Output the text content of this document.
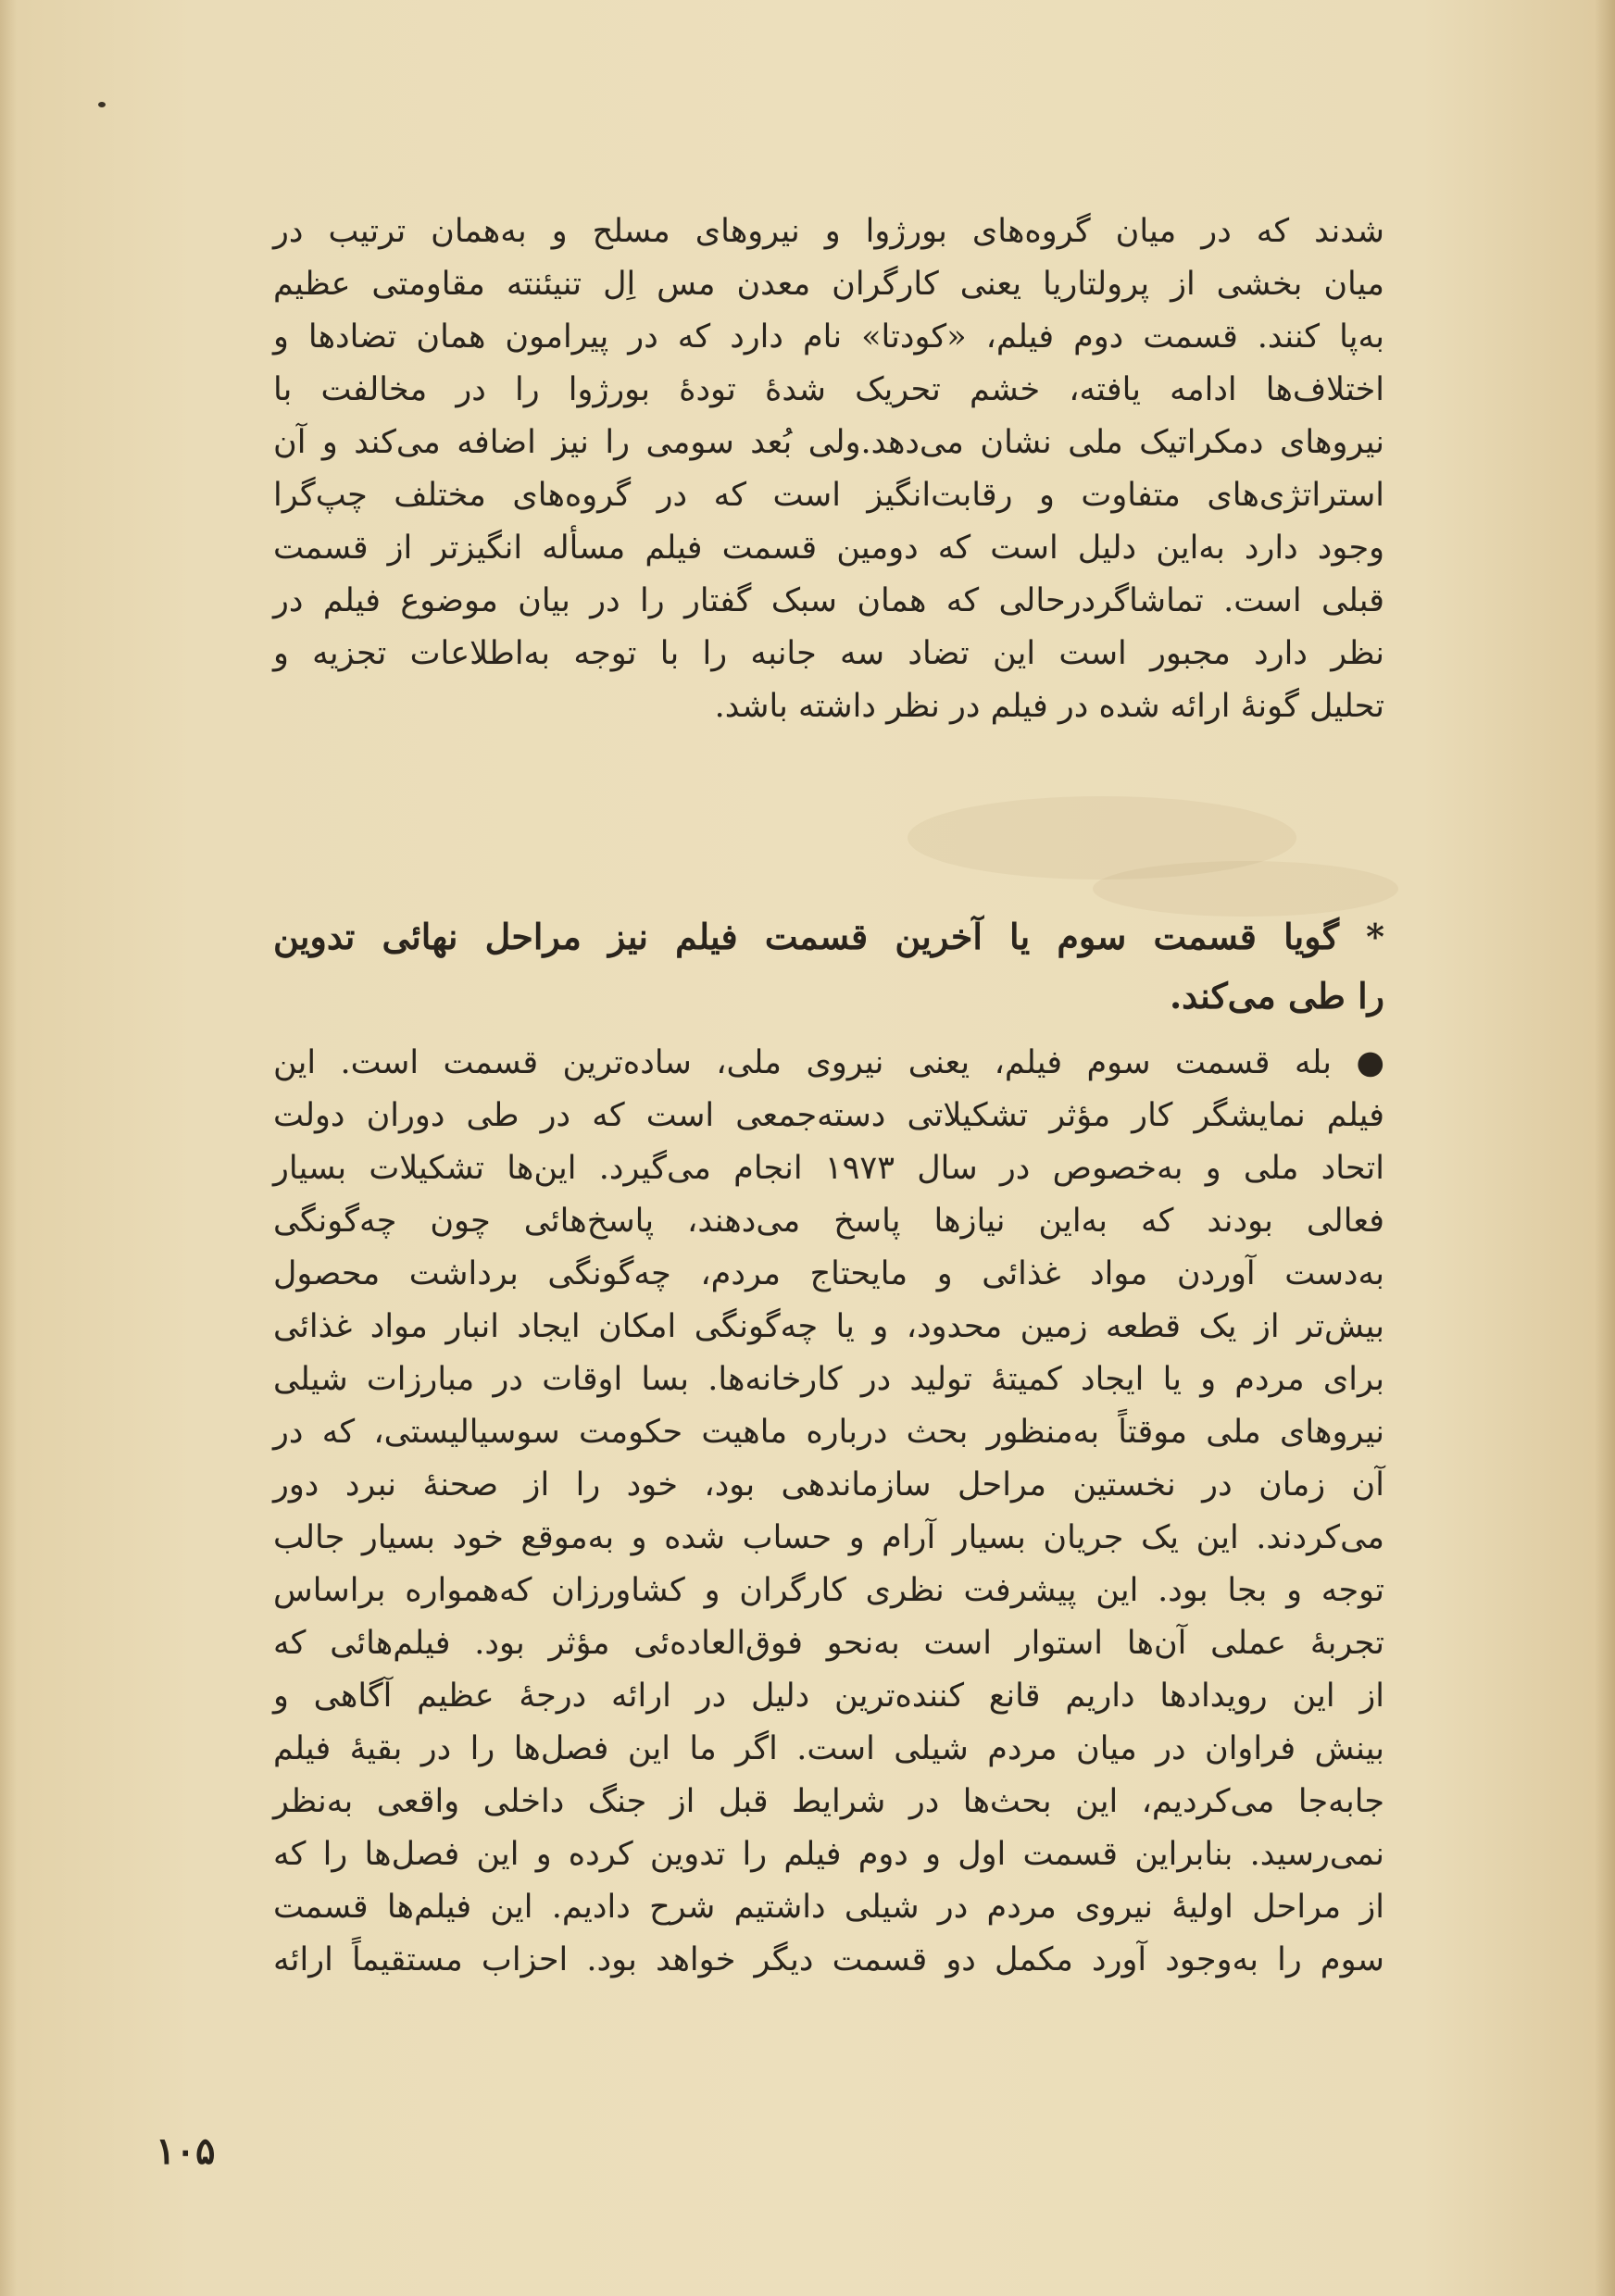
شدند که در میان گروه‌های بورژوا و نیروهای مسلح و به‌همان ترتیب در
میان بخشی از پرولتاریا یعنی کارگران معدن مس اِل تنیئنته مقاومتی عظیم
به‌پا کنند. قسمت دوم فیلم، «کودتا» نام دارد که در پیرامون همان تضادها و
اختلاف‌ها ادامه یافته، خشم تحریک شدهٔ تودهٔ بورژوا را در مخالفت با
نیروهای دمکراتیک ملی نشان می‌دهد.ولی بُعد سومی را نیز اضافه می‌کند و آن
استراتژی‌های متفاوت و رقابت‌انگیز است که در گروه‌های مختلف چپ‌گرا
وجود دارد به‌این دلیل است که دومین قسمت فیلم مسأله انگیزتر از قسمت
قبلی است. تماشاگردرحالی که همان سبک گفتار را در بیان موضوع فیلم در
نظر دارد مجبور است این تضاد سه جانبه را با توجه به‌اطلاعات تجزیه و
تحلیل گونهٔ ارائه شده در فیلم در نظر داشته باشد.
* گویا قسمت سوم یا آخرین قسمت فیلم نیز مراحل نهائی تدوین
را طی می‌کند.
● بله قسمت سوم فیلم، یعنی نیروی ملی، ساده‌ترین قسمت است. این
فیلم نمایشگر کار مؤثر تشکیلاتی دسته‌جمعی است که در طی دوران دولت
اتحاد ملی و به‌خصوص در سال ۱۹۷۳ انجام می‌گیرد. این‌ها تشکیلات بسیار
فعالی بودند که به‌این نیازها پاسخ می‌دهند، پاسخ‌هائی چون چه‌گونگی
به‌دست آوردن مواد غذائی و مایحتاج مردم، چه‌گونگی برداشت محصول
بیش‌تر از یک قطعه زمین محدود، و یا چه‌گونگی امکان ایجاد انبار مواد غذائی
برای مردم و یا ایجاد کمیتهٔ تولید در کارخانه‌ها. بسا اوقات در مبارزات شیلی
نیروهای ملی موقتاً به‌منظور بحث درباره ماهیت حکومت سوسیالیستی، که در
آن زمان در نخستین مراحل سازماندهی بود، خود را از صحنهٔ نبرد دور
می‌کردند. این یک جریان بسیار آرام و حساب شده و به‌موقع خود بسیار جالب
توجه و بجا بود. این پیشرفت نظری کارگران و کشاورزان که‌همواره براساس
تجربهٔ عملی آن‌ها استوار است به‌نحو فوق‌العاده‌ئی مؤثر بود. فیلم‌هائی که
از این رویدادها داریم قانع کننده‌ترین دلیل در ارائه درجهٔ عظیم آگاهی و
بینش فراوان در میان مردم شیلی است. اگر ما این فصل‌ها را در بقیهٔ فیلم
جابه‌جا می‌کردیم، این بحث‌ها در شرایط قبل از جنگ داخلی واقعی به‌نظر
نمی‌رسید. بنابراین قسمت اول و دوم فیلم را تدوین کرده و این فصل‌ها را که
از مراحل اولیهٔ نیروی مردم در شیلی داشتیم شرح دادیم. این فیلم‌ها قسمت
سوم را به‌وجود آورد مکمل دو قسمت دیگر خواهد بود. احزاب مستقیماً ارائه
۱۰۵
